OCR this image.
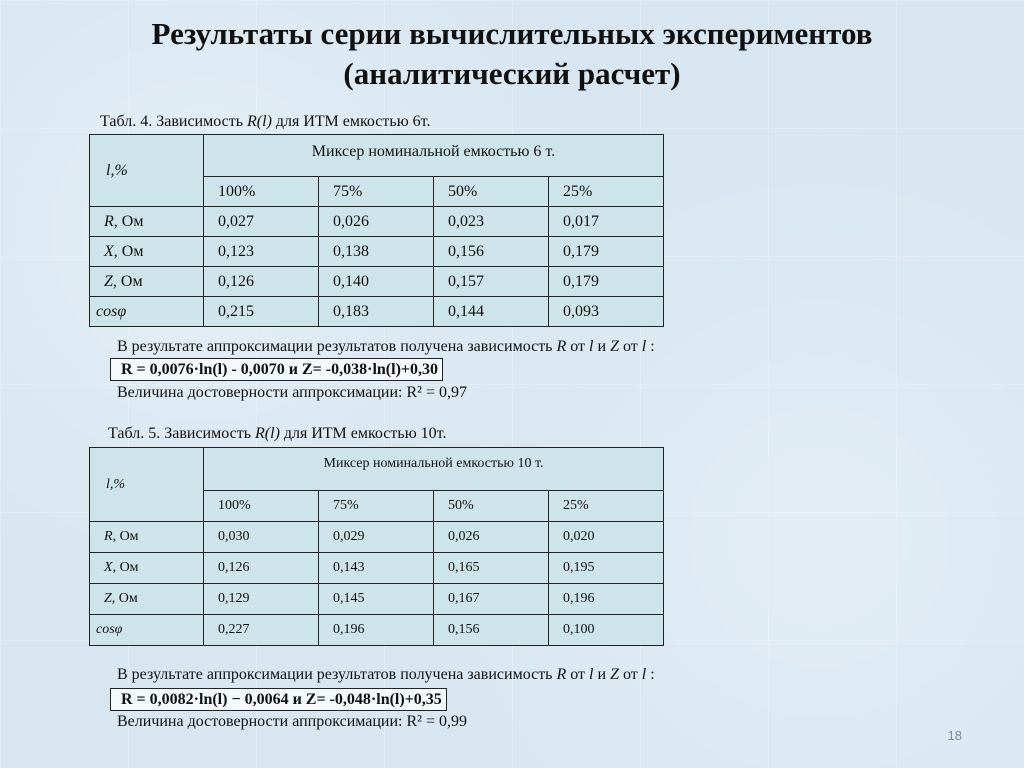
Результаты серии вычислительных экспериментов
(аналитический расчет)
Табл. 4. Зависимость R(l) для ИТМ емкостью 6т.
l,%	Миксер номинальной емкостью 6 т.			
	100%	75%	50%	25%
R, Ом	0,027	0,026	0,023	0,017
X, Ом	0,123	0,138	0,156	0,179
Z, Ом	0,126	0,140	0,157	0,179
cosφ	0,215	0,183	0,144	0,093
В результате аппроксимации результатов получена зависимость R от l и Z от l :
R = 0,0076·ln(l) - 0,0070 и Z= -0,038·ln(l)+0,30
Величина достоверности аппроксимации: R² = 0,97
Табл. 5. Зависимость R(l) для ИТМ емкостью 10т.
l,%	Миксер номинальной емкостью 10 т.			
	100%	75%	50%	25%
R, Ом	0,030	0,029	0,026	0,020
X, Ом	0,126	0,143	0,165	0,195
Z, Ом	0,129	0,145	0,167	0,196
cosφ	0,227	0,196	0,156	0,100
В результате аппроксимации результатов получена зависимость R от l и Z от l :
R = 0,0082·ln(l) − 0,0064 и Z= -0,048·ln(l)+0,35
Величина достоверности аппроксимации: R² = 0,99
18
